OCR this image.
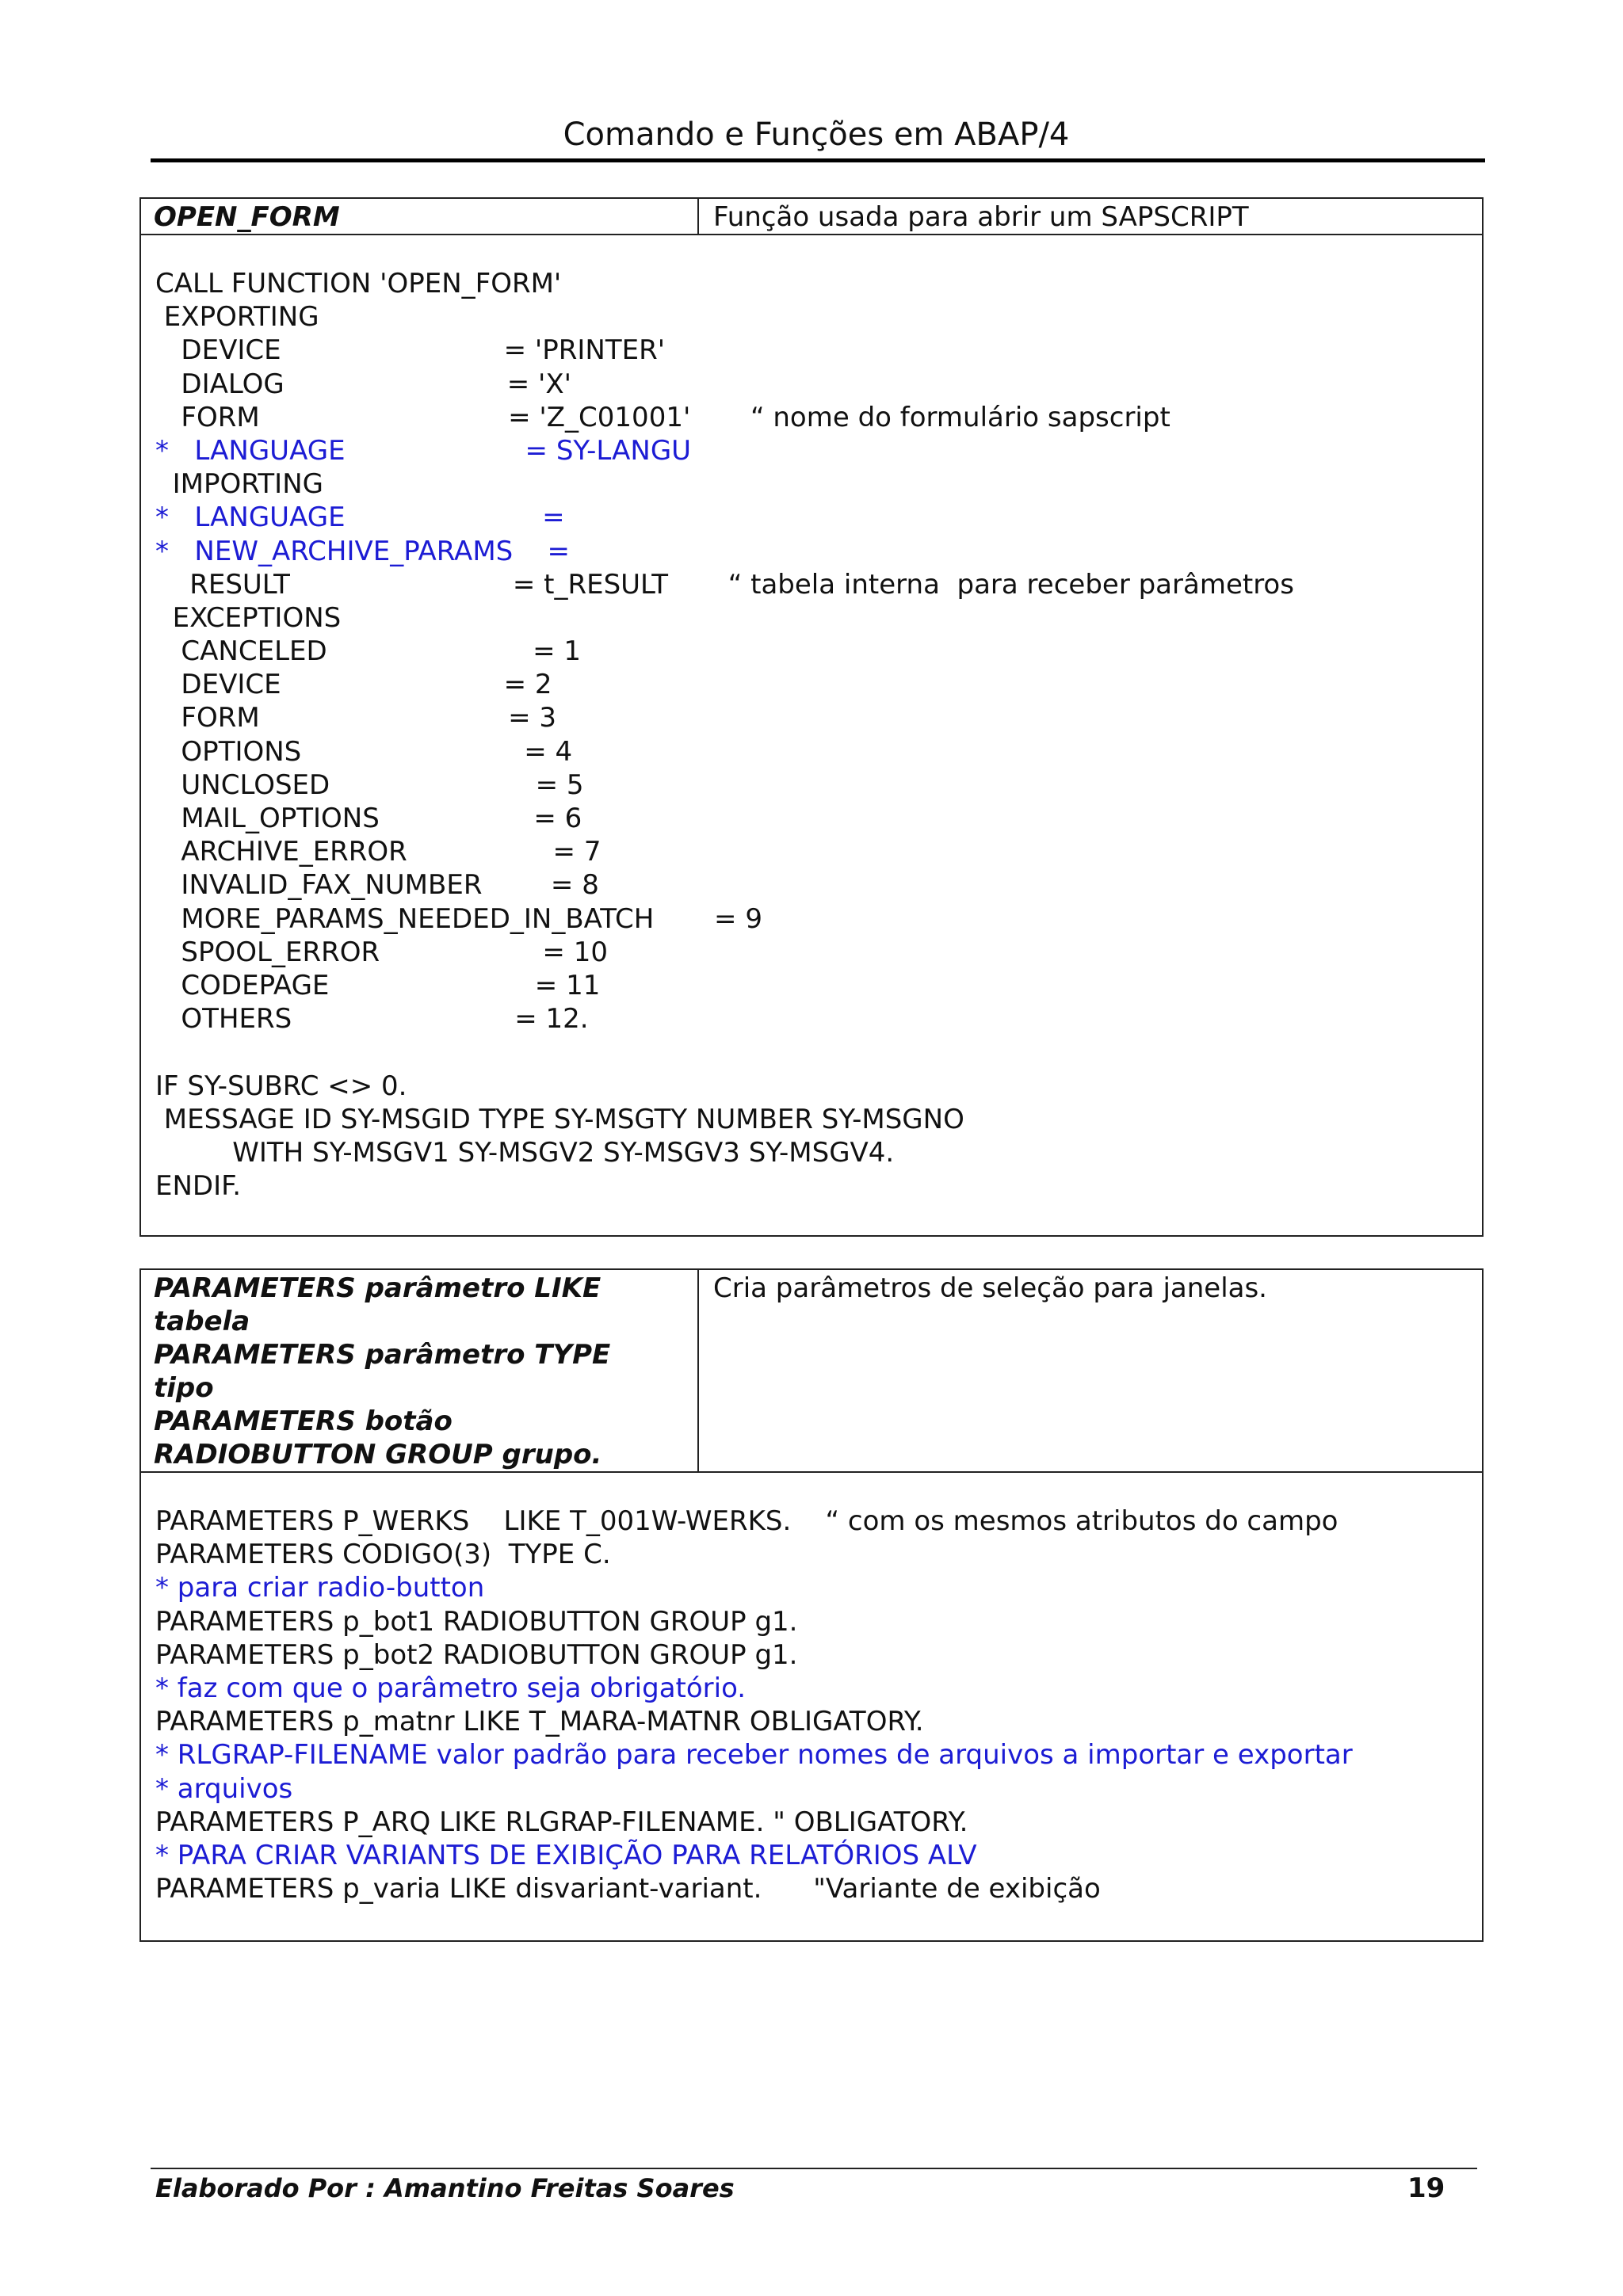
Comando e Funções em ABAP/4
OPEN_FORM	Função usada para abrir um SAPSCRIPT
CALL FUNCTION 'OPEN_FORM'
EXPORTING
DEVICE                          = 'PRINTER'
DIALOG                          = 'X'
FORM                             = 'Z_C01001'       “ nome do formulário sapscript
*   LANGUAGE                     = SY-LANGU
IMPORTING
*   LANGUAGE                       =
*   NEW_ARCHIVE_PARAMS    =
RESULT                          = t_RESULT       “ tabela interna  para receber parâmetros
EXCEPTIONS
CANCELED                        = 1
DEVICE                          = 2
FORM                             = 3
OPTIONS                          = 4
UNCLOSED                        = 5
MAIL_OPTIONS                  = 6
ARCHIVE_ERROR                 = 7
INVALID_FAX_NUMBER        = 8
MORE_PARAMS_NEEDED_IN_BATCH       = 9
SPOOL_ERROR                   = 10
CODEPAGE                        = 11
OTHERS                          = 12.
IF SY-SUBRC <> 0.
MESSAGE ID SY-MSGID TYPE SY-MSGTY NUMBER SY-MSGNO
WITH SY-MSGV1 SY-MSGV2 SY-MSGV3 SY-MSGV4.
ENDIF.
PARAMETERS parâmetro LIKE
tabela
PARAMETERS parâmetro TYPE
tipo
PARAMETERS botão
RADIOBUTTON GROUP grupo.
Cria parâmetros de seleção para janelas.
PARAMETERS P_WERKS    LIKE T_001W-WERKS.    “ com os mesmos atributos do campo
PARAMETERS CODIGO(3)  TYPE C.
* para criar radio-button
PARAMETERS p_bot1 RADIOBUTTON GROUP g1.
PARAMETERS p_bot2 RADIOBUTTON GROUP g1.
* faz com que o parâmetro seja obrigatório.
PARAMETERS p_matnr LIKE T_MARA-MATNR OBLIGATORY.
* RLGRAP-FILENAME valor padrão para receber nomes de arquivos a importar e exportar
* arquivos
PARAMETERS P_ARQ LIKE RLGRAP-FILENAME. " OBLIGATORY.
* PARA CRIAR VARIANTS DE EXIBIÇÃO PARA RELATÓRIOS ALV
PARAMETERS p_varia LIKE disvariant-variant.      "Variante de exibição
Elaborado Por : Amantino Freitas Soares	19
